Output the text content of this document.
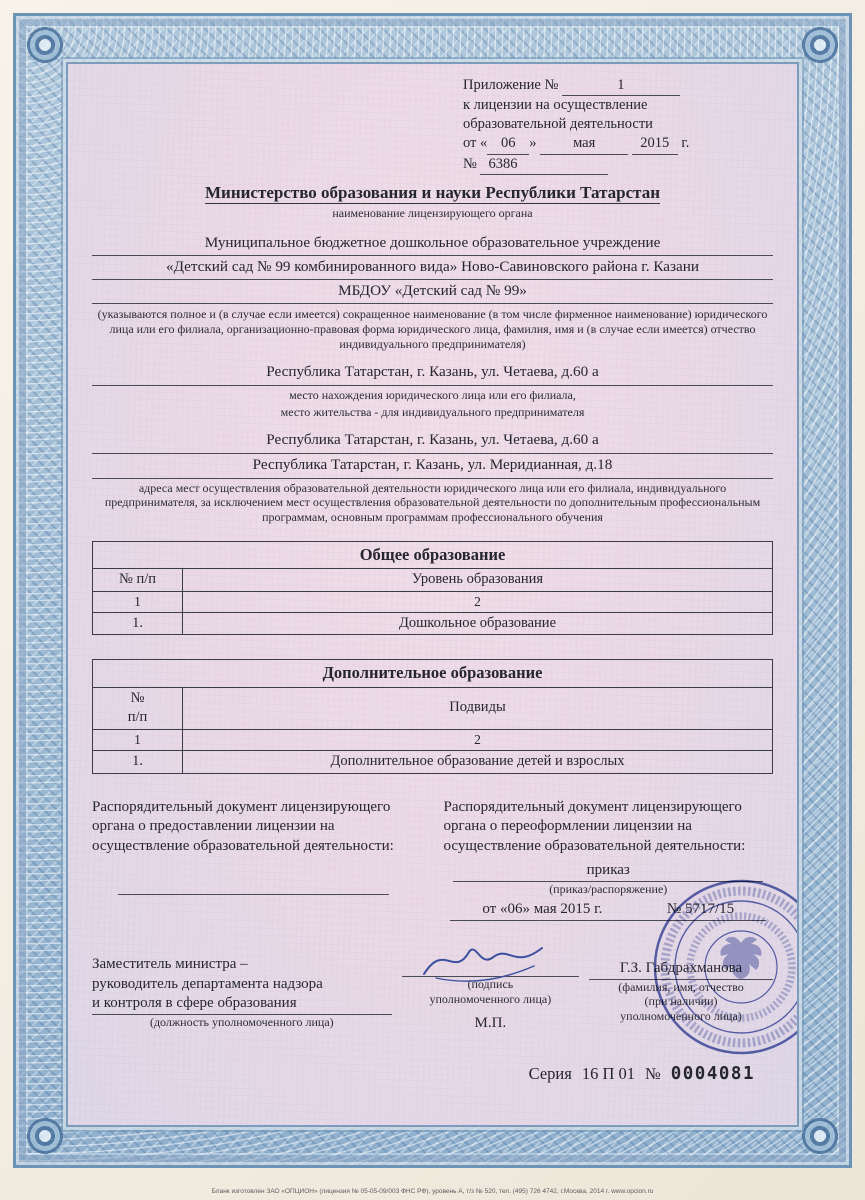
Приложение №	1
к лицензии на осуществление
образовательной деятельности
от « 06 »	мая	2015 г.
№ 6386
Министерство образования и науки Республики Татарстан
наименование лицензирующего органа
Муниципальное бюджетное дошкольное образовательное учреждение
«Детский сад № 99 комбинированного вида» Ново-Савиновского района г. Казани
МБДОУ «Детский сад № 99»
(указываются полное и (в случае если имеется) сокращенное наименование (в том числе фирменное наименование) юридического лица или его филиала, организационно-правовая форма юридического лица, фамилия, имя и (в случае если имеется) отчество индивидуального предпринимателя)
Республика Татарстан, г. Казань, ул. Четаева, д.60 а
место нахождения юридического лица или его филиала,
место жительства - для индивидуального предпринимателя
Республика Татарстан, г. Казань, ул. Четаева, д.60 а
Республика Татарстан, г. Казань, ул. Меридианная, д.18
адреса мест осуществления образовательной деятельности юридического лица или его филиала, индивидуального предпринимателя, за исключением мест осуществления образовательной деятельности по дополнительным профессиональным программам, основным программам профессионального обучения
Общее образование	
№ п/п	Уровень образования
1	2
1.	Дошкольное образование
Дополнительное образование	

№
п/п	Подвиды
1	2
1.	Дополнительное образование детей и взрослых
Распорядительный документ лицензирующего органа о предоставлении лицензии на осуществление образовательной деятельности:
Распорядительный документ лицензирующего органа о переоформлении лицензии на осуществление образовательной деятельности:
приказ
(приказ/распоряжение)
от «06» мая 2015 г.	№ 5717/15
Заместитель министра –
руководитель департамента надзора
и контроля в сфере образования
(должность уполномоченного лица)
(подпись
уполномоченного лица)
М.П.
Г.З. Габдрахманова
(фамилия, имя, отчество
(при наличии)
уполномоченного лица)
Серия 16 П 01 № 0004081
Бланк изготовлен ЗАО «ОПЦИОН» (лицензия № 05-05-09/003 ФНС РФ), уровень А, т/з № 520, тел. (495) 726 4742, г.Москва, 2014 г. www.opcion.ru
